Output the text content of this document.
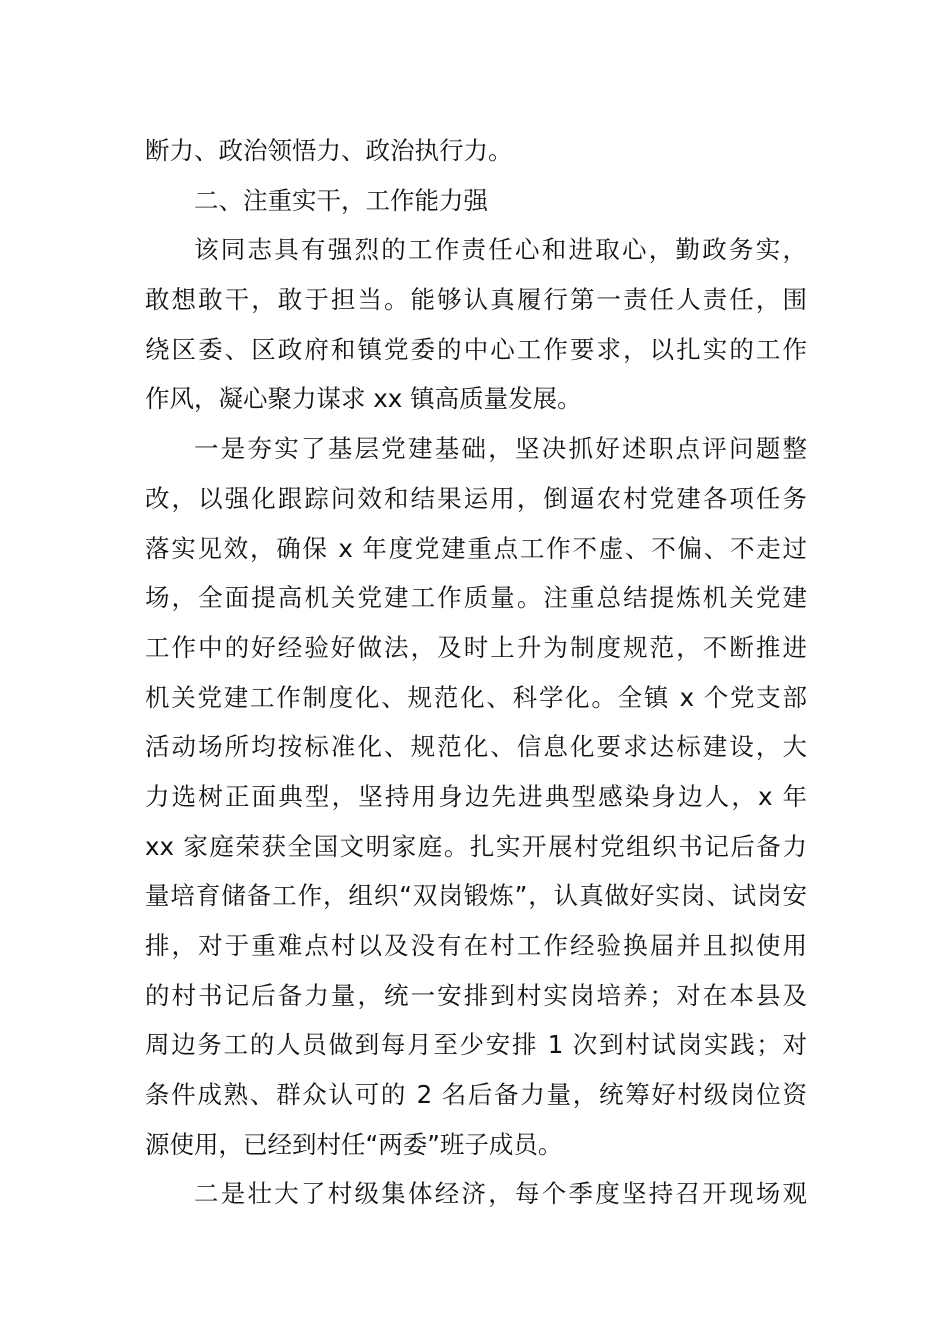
断力、政治领悟力、政治执行力。
二、注重实干，工作能力强
该同志具有强烈的工作责任心和进取心，勤政务实，
敢想敢干，敢于担当。能够认真履行第一责任人责任，围
绕区委、区政府和镇党委的中心工作要求，以扎实的工作
作风，凝心聚力谋求 xx 镇高质量发展。
一是夯实了基层党建基础，坚决抓好述职点评问题整
改，以强化跟踪问效和结果运用，倒逼农村党建各项任务
落实见效，确保 x 年度党建重点工作不虚、不偏、不走过
场，全面提高机关党建工作质量。注重总结提炼机关党建
工作中的好经验好做法，及时上升为制度规范，不断推进
机关党建工作制度化、规范化、科学化。全镇 x 个党支部
活动场所均按标准化、规范化、信息化要求达标建设，大
力选树正面典型，坚持用身边先进典型感染身边人，x 年
xx 家庭荣获全国文明家庭。扎实开展村党组织书记后备力
量培育储备工作，组织“双岗锻炼”，认真做好实岗、试岗安
排，对于重难点村以及没有在村工作经验换届并且拟使用
的村书记后备力量，统一安排到村实岗培养；对在本县及
周边务工的人员做到每月至少安排 1 次到村试岗实践；对
条件成熟、群众认可的 2 名后备力量，统筹好村级岗位资
源使用，已经到村任“两委”班子成员。
二是壮大了村级集体经济，每个季度坚持召开现场观
